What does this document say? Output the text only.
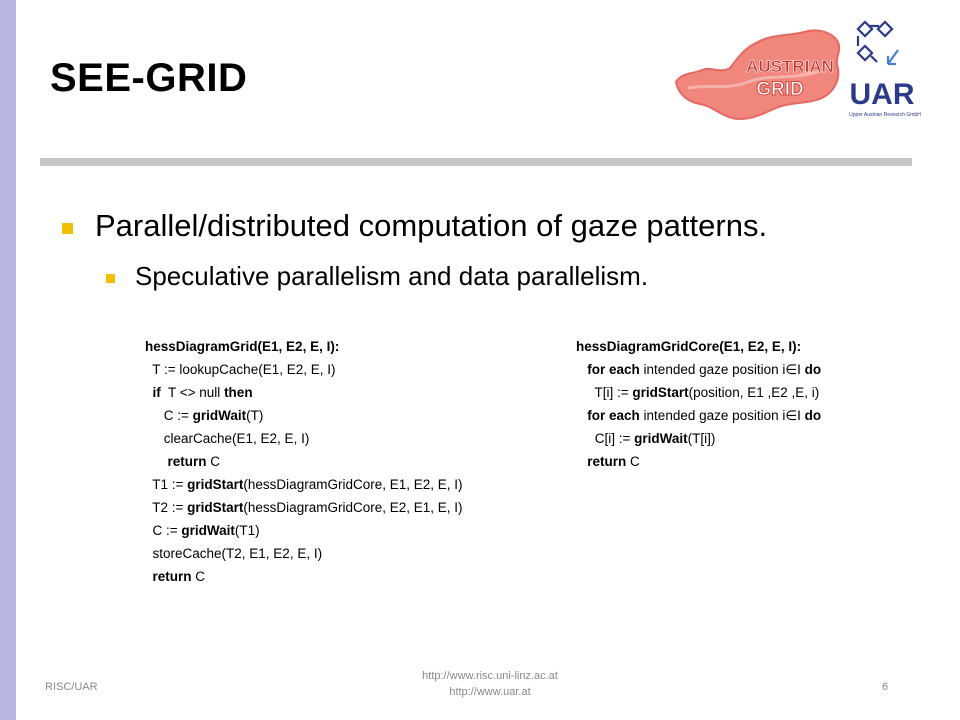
SEE-GRID	AUSTRIAN
GRID UAR
Upper Austrian Research GmbH
Parallel/distributed computation of gaze patterns.
Speculative parallelism and data parallelism.
hessDiagramGrid(E1, E2, E, I):
T := lookupCache(E1, E2, E, I)
if  T <> null then
C := gridWait(T)
clearCache(E1, E2, E, I)
return C
T1 := gridStart(hessDiagramGridCore, E1, E2, E, I)
T2 := gridStart(hessDiagramGridCore, E2, E1, E, I)
C := gridWait(T1)
storeCache(T2, E1, E2, E, I)
return C
hessDiagramGridCore(E1, E2, E, I):
for each intended gaze position i∈I do
T[i] := gridStart(position, E1 ,E2 ,E, i)
for each intended gaze position i∈I do
C[i] := gridWait(T[i])
return C
RISC/UAR
http://www.risc.uni-linz.ac.at
http://www.uar.at	6
